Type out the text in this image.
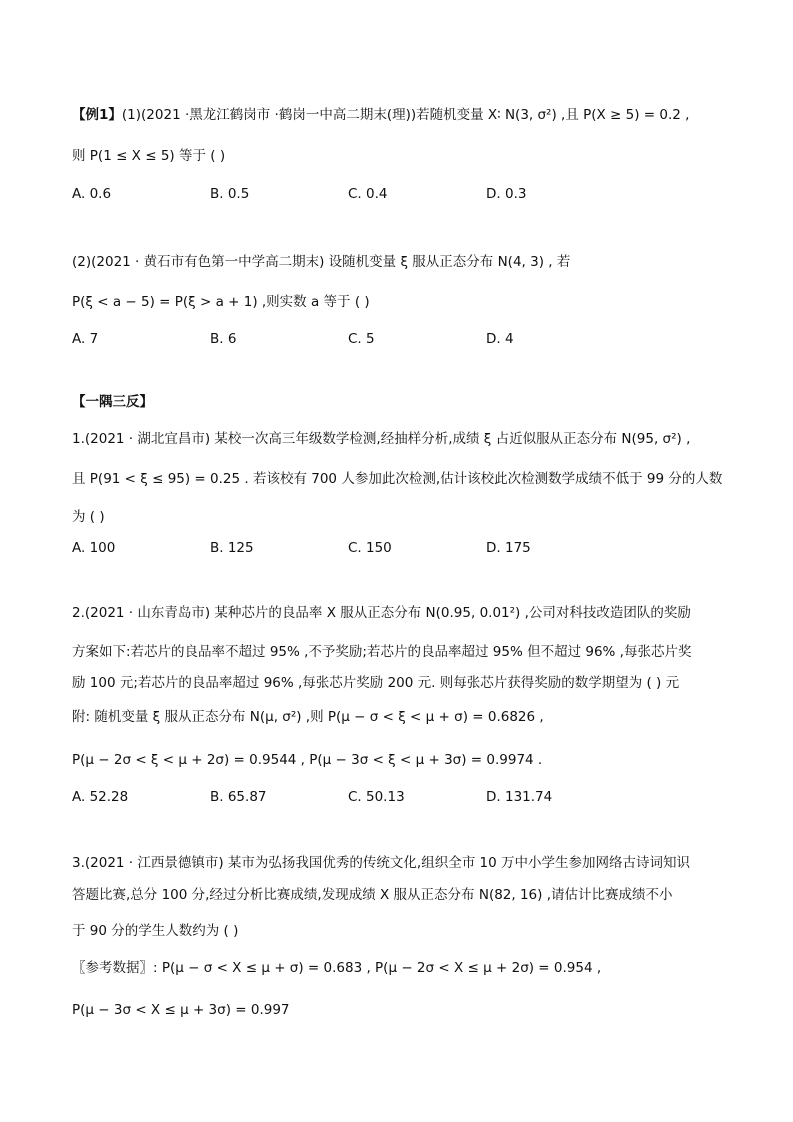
【例1】(1)(2021 ·黑龙江鹤岗市 ·鹤岗一中高二期末(理))若随机变量 X∶ N(3, σ²) ,且 P(X ≥ 5) = 0.2 ,
则 P(1 ≤ X ≤ 5) 等于 ( )
A. 0.6	B. 0.5	C. 0.4	D. 0.3
(2)(2021 · 黄石市有色第一中学高二期末) 设随机变量 ξ 服从正态分布 N(4, 3) , 若
P(ξ < a − 5) = P(ξ > a + 1) ,则实数 a 等于 ( )
A. 7	B. 6	C. 5	D. 4
【一隅三反】
1.(2021 · 湖北宜昌市) 某校一次高三年级数学检测,经抽样分析,成绩 ξ 占近似服从正态分布 N(95, σ²) ,
且 P(91 < ξ ≤ 95) = 0.25 . 若该校有 700 人参加此次检测,估计该校此次检测数学成绩不低于 99 分的人数
为 ( )
A. 100	B. 125	C. 150	D. 175
2.(2021 · 山东青岛市) 某种芯片的良品率 X 服从正态分布 N(0.95, 0.01²) ,公司对科技改造团队的奖励
方案如下:若芯片的良品率不超过 95% ,不予奖励;若芯片的良品率超过 95% 但不超过 96% ,每张芯片奖
励 100 元;若芯片的良品率超过 96% ,每张芯片奖励 200 元. 则每张芯片获得奖励的数学期望为 ( ) 元
附: 随机变量 ξ 服从正态分布 N(μ, σ²) ,则 P(μ − σ < ξ < μ + σ) = 0.6826 ,
P(μ − 2σ < ξ < μ + 2σ) = 0.9544 , P(μ − 3σ < ξ < μ + 3σ) = 0.9974 .
A. 52.28	B. 65.87	C. 50.13	D. 131.74
3.(2021 · 江西景德镇市) 某市为弘扬我国优秀的传统文化,组织全市 10 万中小学生参加网络古诗词知识
答题比赛,总分 100 分,经过分析比赛成绩,发现成绩 X 服从正态分布 N(82, 16) ,请估计比赛成绩不小
于 90 分的学生人数约为 ( )
〖参考数据〗: P(μ − σ < X ≤ μ + σ) = 0.683 , P(μ − 2σ < X ≤ μ + 2σ) = 0.954 ,
P(μ − 3σ < X ≤ μ + 3σ) = 0.997
